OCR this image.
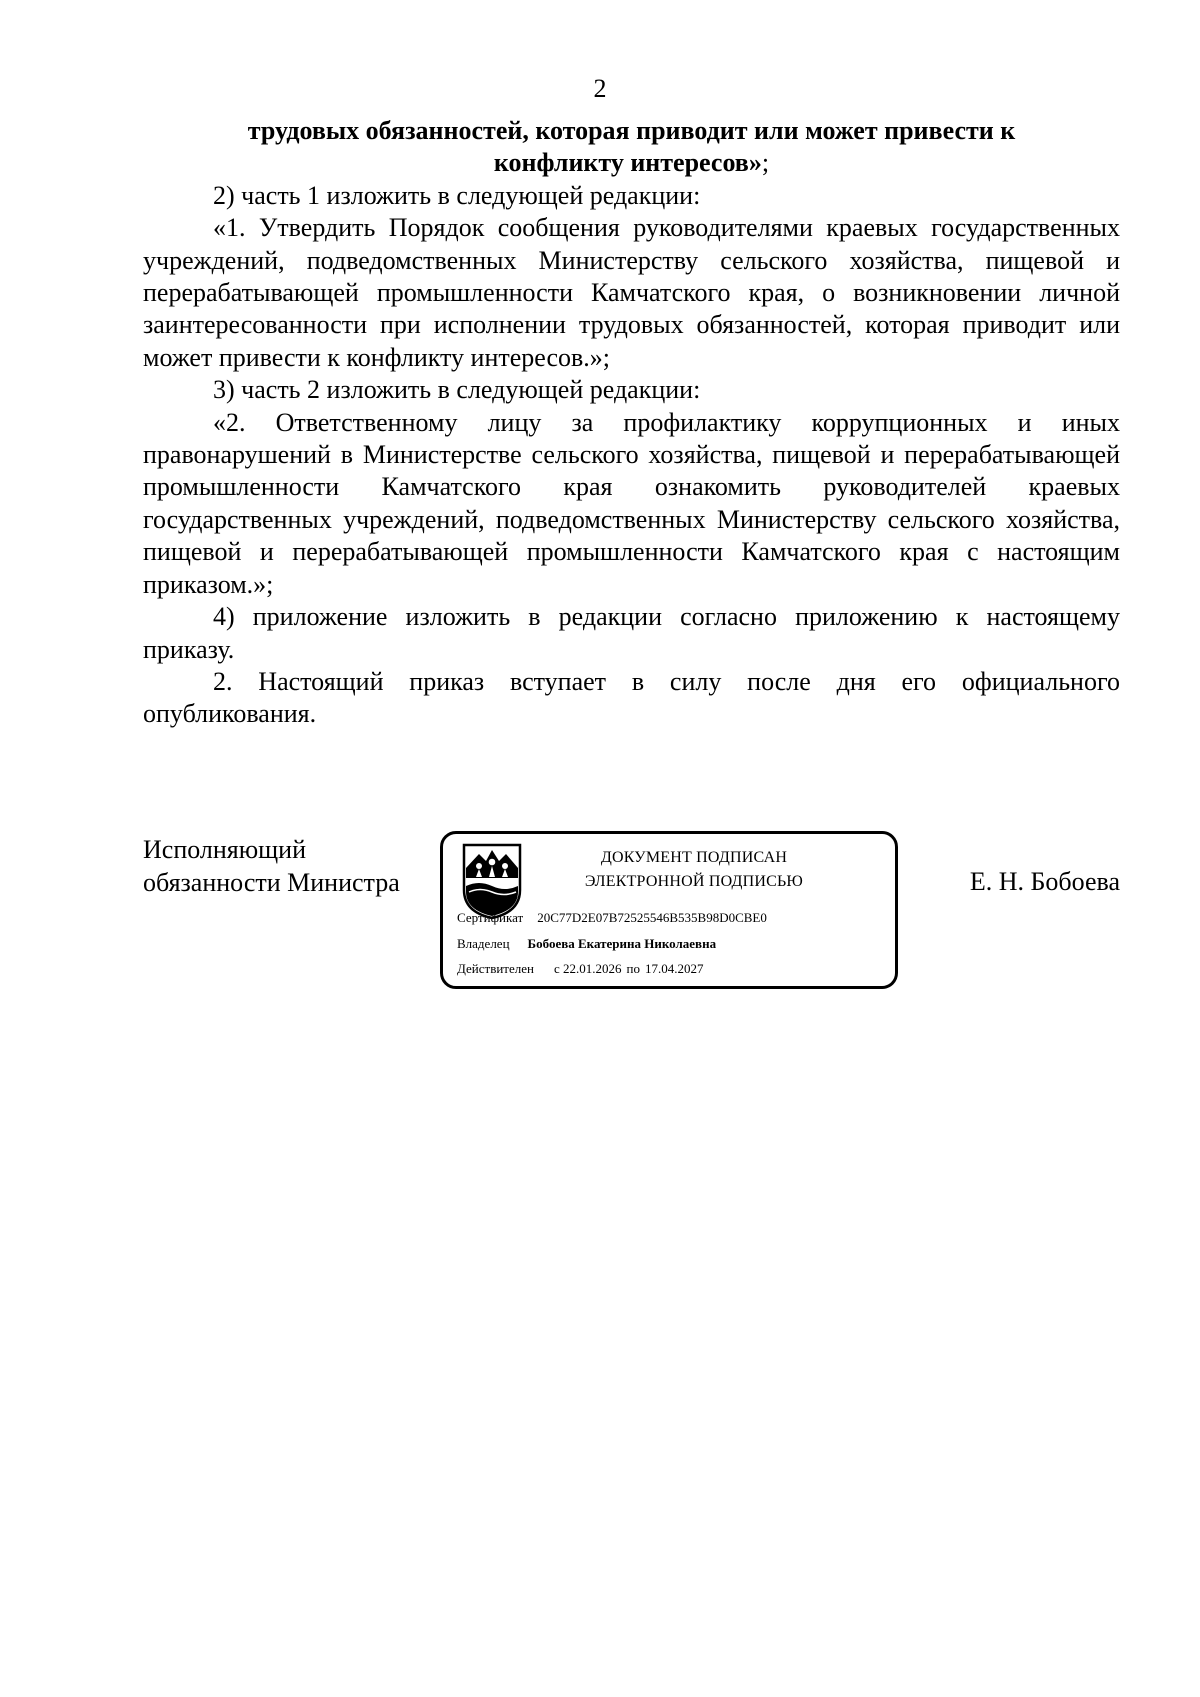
2

трудовых обязанностей, которая приводит или может привести к конфликту интересов»;

2) часть 1 изложить в следующей редакции:

«1. Утвердить Порядок сообщения руководителями краевых государственных учреждений, подведомственных Министерству сельского хозяйства, пищевой и перерабатывающей промышленности Камчатского края, о возникновении личной заинтересованности при исполнении трудовых обязанностей, которая приводит или может привести к конфликту интересов.»;

3) часть 2 изложить в следующей редакции:

«2. Ответственному лицу за профилактику коррупционных и иных правонарушений в Министерстве сельского хозяйства, пищевой и перерабатывающей промышленности Камчатского края ознакомить руководителей краевых государственных учреждений, подведомственных Министерству сельского хозяйства, пищевой и перерабатывающей промышленности Камчатского края с настоящим приказом.»;

4) приложение изложить в редакции согласно приложению к настоящему приказу.

2. Настоящий приказ вступает в силу после дня его официального опубликования.

Исполняющий
обязанности Министра
ДОКУМЕНТ ПОДПИСАН
ЭЛЕКТРОННОЙ ПОДПИСЬЮ
Сертификат 20C77D2E07B72525546B535B98D0CBE0
Владелец Бобоева Екатерина Николаевна
Действителен с 22.01.2026 по 17.04.2027
Е. Н. Бобоева
